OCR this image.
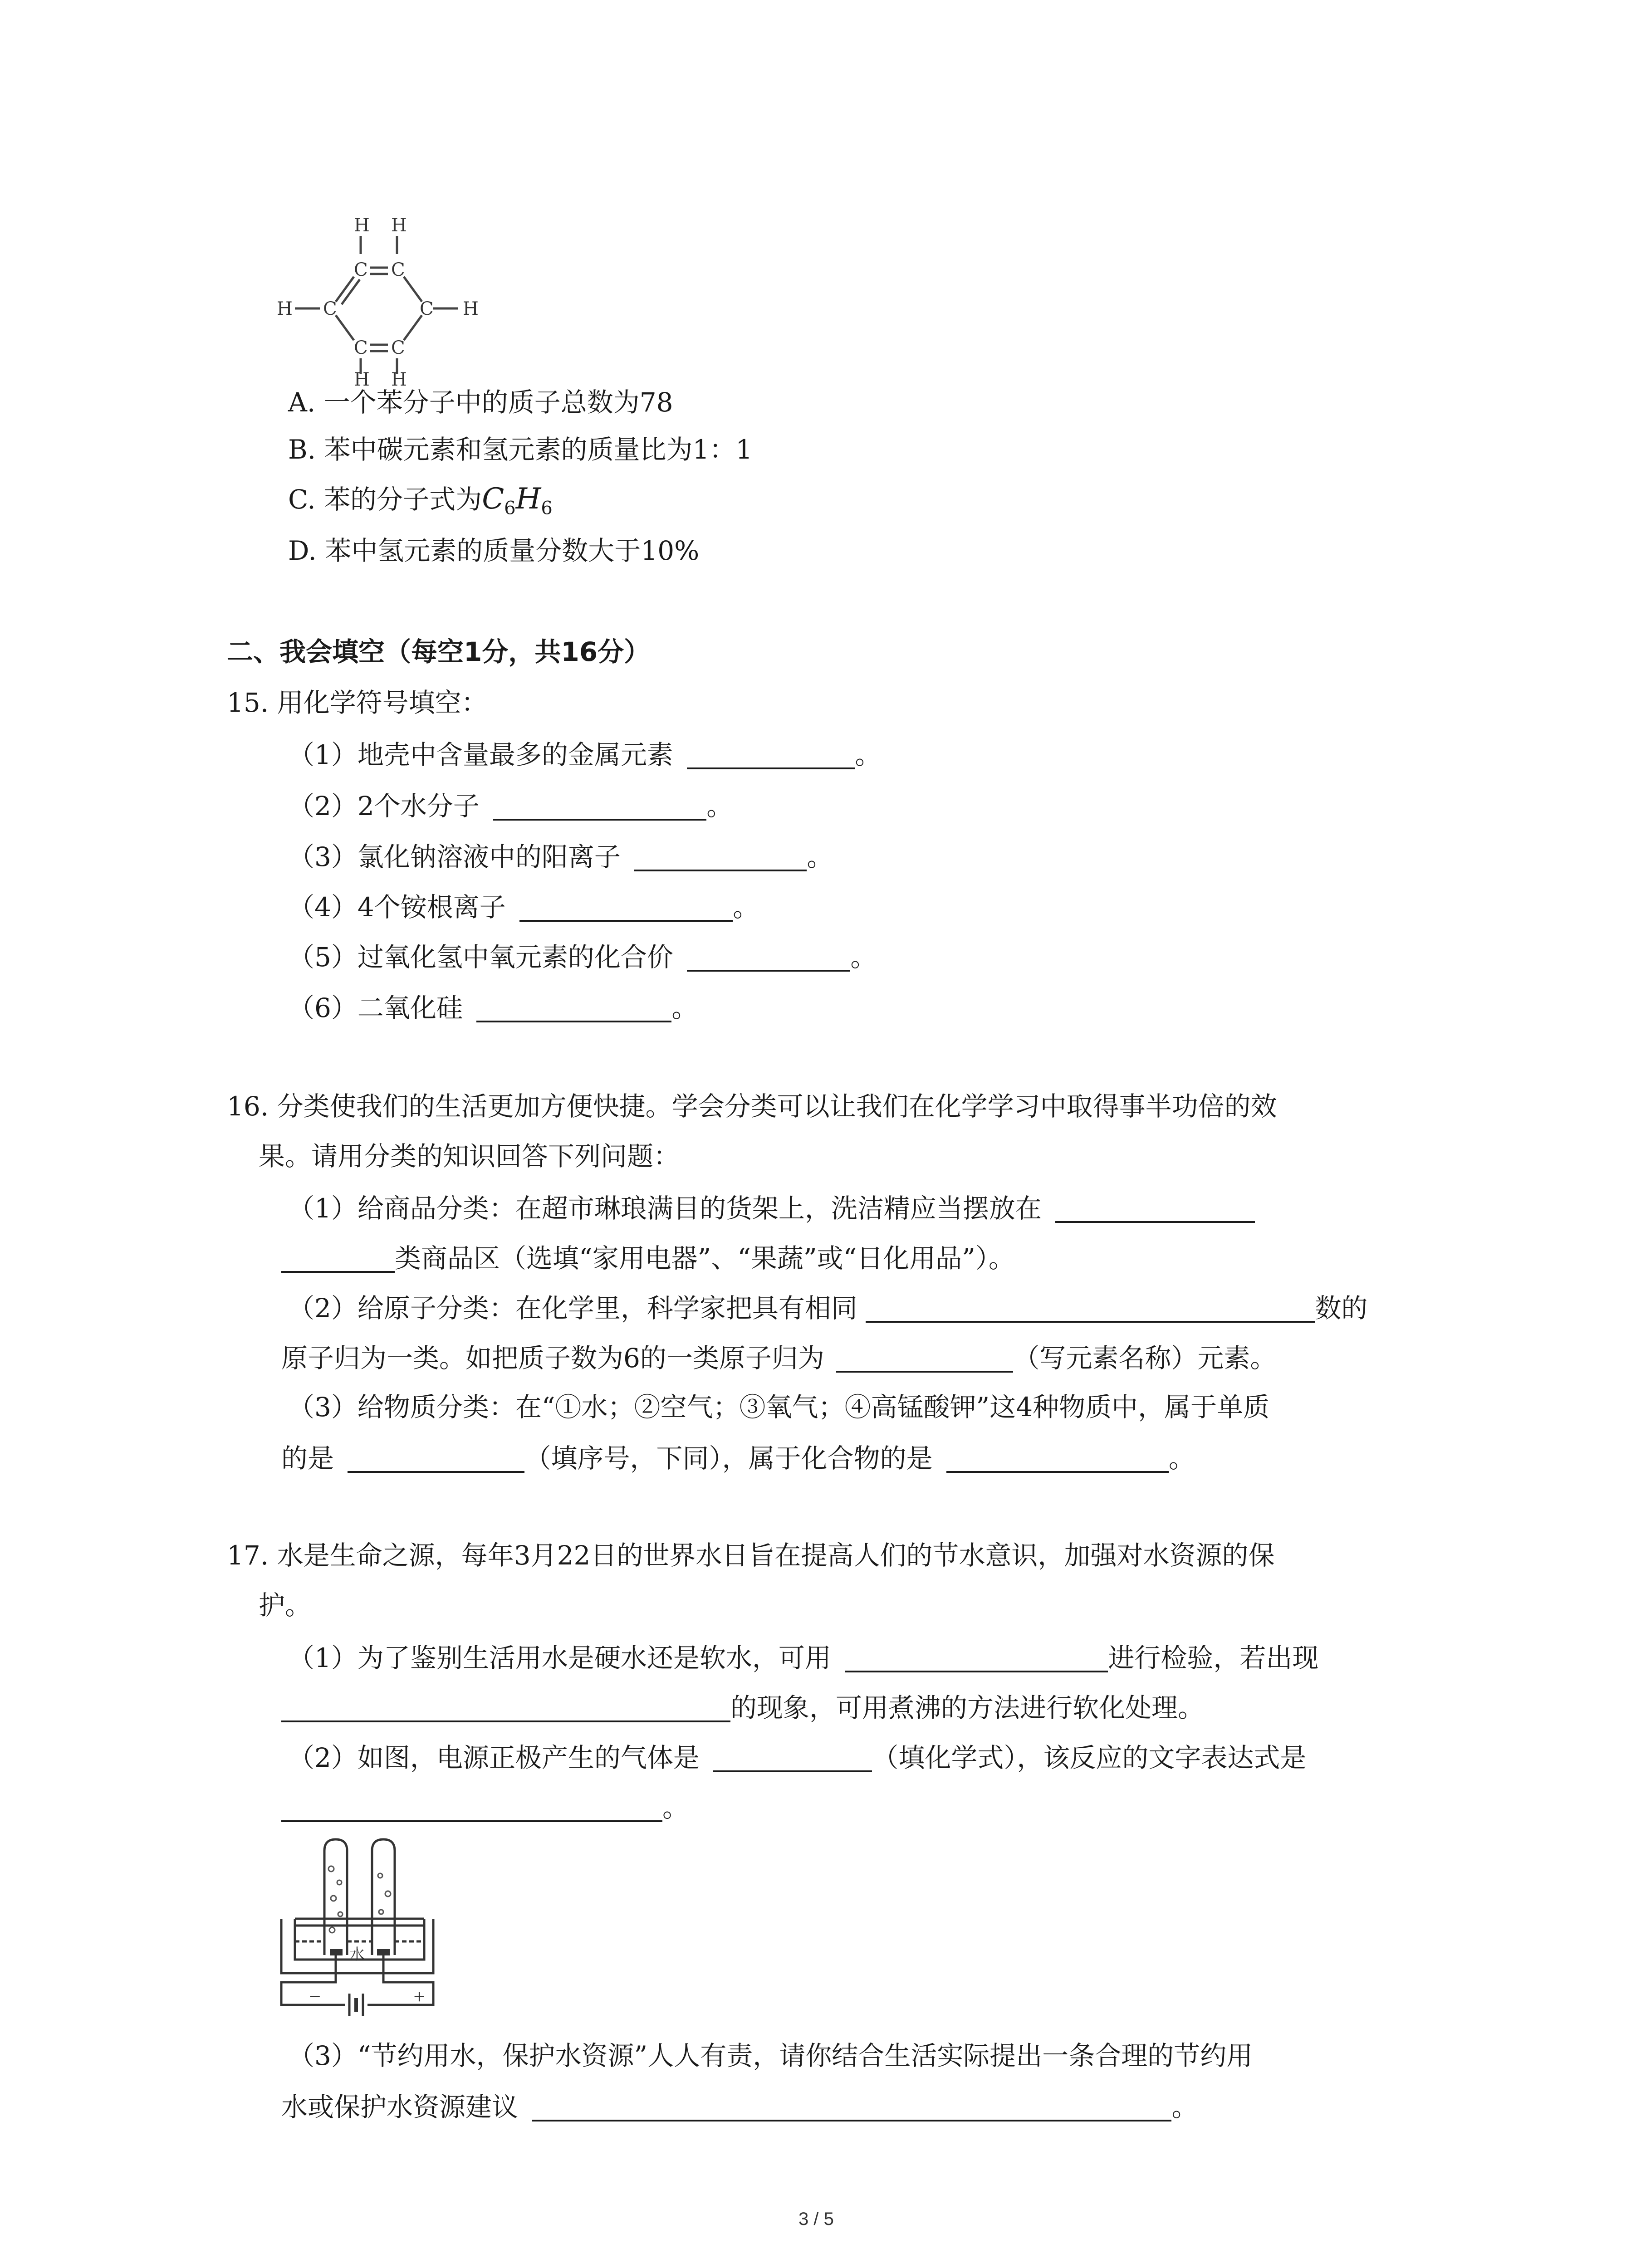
H H
C C
H C	C H
C C
H H
A. 一个苯分子中的质子总数为78
B. 苯中碳元素和氢元素的质量比为1：1
C. 苯的分子式为$C_6H_6$
D. 苯中氢元素的质量分数大于10%
二、我会填空（每空1分，共16分）
15. 用化学符号填空：
（1）地壳中含量最多的金属元素	。
（2）2个水分子	。
（3）氯化钠溶液中的阳离子	。
（4）4个铵根离子	。
（5）过氧化氢中氧元素的化合价	。
（6）二氧化硅	。
16. 分类使我们的生活更加方便快捷。学会分类可以让我们在化学学习中取得事半功倍的效
果。请用分类的知识回答下列问题：
（1）给商品分类：在超市琳琅满目的货架上，洗洁精应当摆放在
类商品区（选填“家用电器”、“果蔬”或“日化用品”）。
（2）给原子分类：在化学里，科学家把具有相同	数的
原子归为一类。如把质子数为6的一类原子归为	（写元素名称）元素。
（3）给物质分类：在“①水；②空气；③氧气；④高锰酸钾”这4种物质中，属于单质
的是	（填序号，下同），属于化合物的是	。
17. 水是生命之源，每年3月22日的世界水日旨在提高人们的节水意识，加强对水资源的保
护。
（1）为了鉴别生活用水是硬水还是软水，可用	进行检验，若出现
的现象，可用煮沸的方法进行软化处理。
（2）如图，电源正极产生的气体是	（填化学式），该反应的文字表达式是
。
水
−	+
（3）“节约用水，保护水资源”人人有责，请你结合生活实际提出一条合理的节约用
水或保护水资源建议	。
3 / 5
